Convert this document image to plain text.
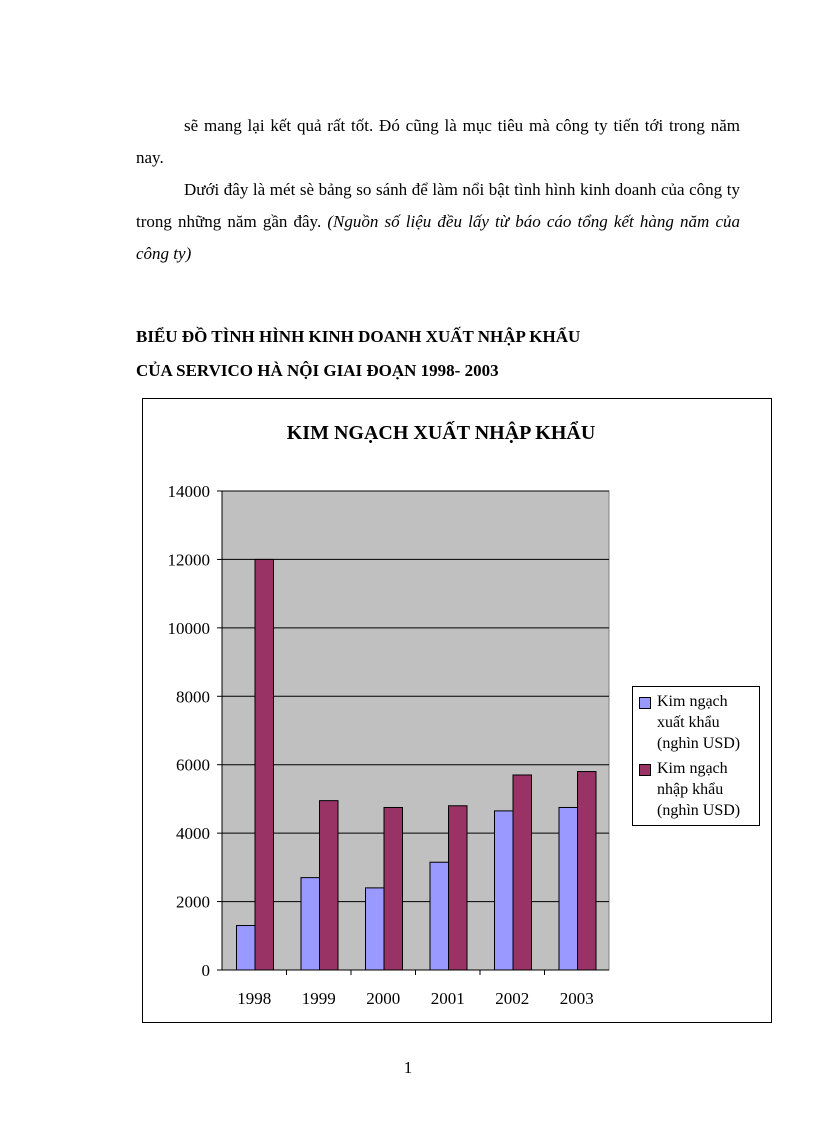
sẽ mang lại kết quả rất tốt. Đó cũng là mục tiêu mà công ty tiến tới trong năm nay.

Dưới đây là mét sè bảng so sánh để làm nổi bật tình hình kinh doanh của công ty trong những năm gần đây. (Nguồn số liệu đều lấy từ báo cáo tổng kết hàng năm của công ty)

BIỂU ĐỒ TÌNH HÌNH KINH DOANH XUẤT NHẬP KHẨU

CỦA SERVICO HÀ NỘI GIAI ĐOẠN 1998- 2003

KIM NGẠCH XUẤT NHẬP KHẨU
0
2000
4000
6000
8000
10000
12000
14000
1998 1999 2000 2001 2002 2003
Kim ngạch
xuất khẩu
(nghìn USD)
Kim ngạch
nhập khẩu
(nghìn USD)
1
